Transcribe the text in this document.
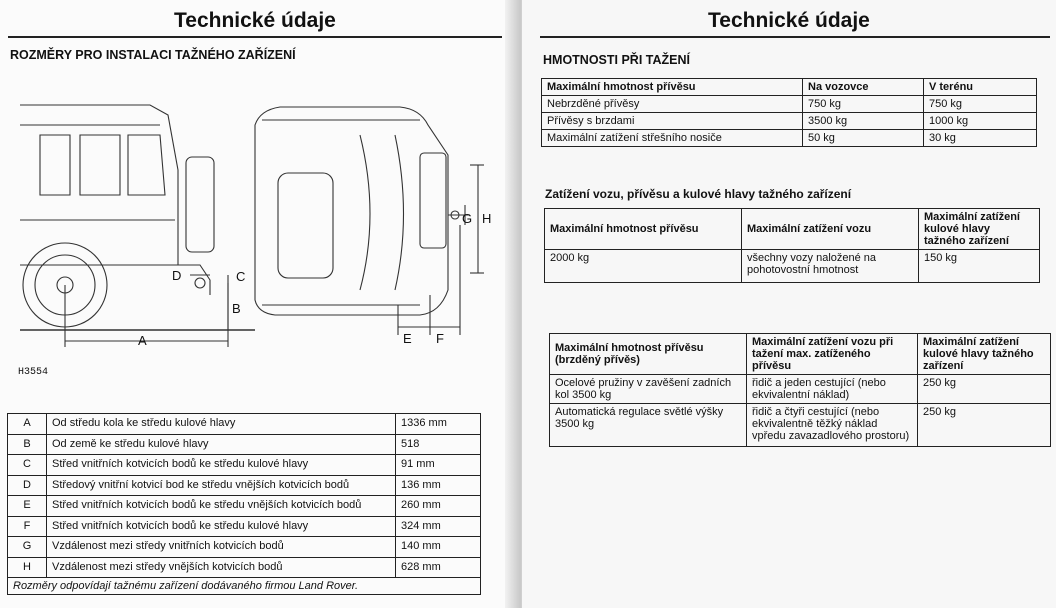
Technické údaje
ROZMĚRY PRO INSTALACI TAŽNÉHO ZAŘÍZENÍ
A
B
C
D
E F
G H
H3554
A	Od středu kola ke středu kulové hlavy	1336 mm
B	Od země ke středu kulové hlavy	518
C	Střed vnitřních kotvicích bodů ke středu kulové hlavy	91 mm
D	Středový vnitřní kotvicí bod ke středu vnějších kotvicích bodů	136 mm
E	Střed vnitřních kotvicích bodů ke středu vnějších kotvicích bodů	260 mm
F	Střed vnitřních kotvicích bodů ke středu kulové hlavy	324 mm
G	Vzdálenost mezi středy vnitřních kotvicích bodů	140 mm
H	Vzdálenost mezi středy vnějších kotvicích bodů	628 mm
Rozměry odpovídají tažnému zařízení dodávaného firmou Land Rover.		
Technické údaje
HMOTNOSTI PŘI TAŽENÍ
Maximální hmotnost přívěsu	Na vozovce	V terénu
Nebrzděné přívěsy	750 kg	750 kg
Přívěsy s brzdami	3500 kg	1000 kg
Maximální zatížení střešního nosiče	50 kg	30 kg
Zatížení vozu, přívěsu a kulové hlavy tažného zařízení
Maximální hmotnost přívěsu	Maximální zatížení vozu	Maximální zatížení kulové hlavy tažného zařízení
2000 kg	všechny vozy naložené na pohotovostní hmotnost	150 kg
Maximální hmotnost přívěsu (brzděný přívěs)	Maximální zatížení vozu při tažení max. zatíženého přívěsu	Maximální zatížení kulové hlavy tažného zařízení
Ocelové pružiny v zavěšení zadních kol 3500 kg	řidič a jeden cestující (nebo ekvivalentní náklad)	250 kg
Automatická regulace světlé výšky 3500 kg	řidič a čtyři cestující (nebo ekvivalentně těžký náklad vpředu zavazadlového prostoru)	250 kg
